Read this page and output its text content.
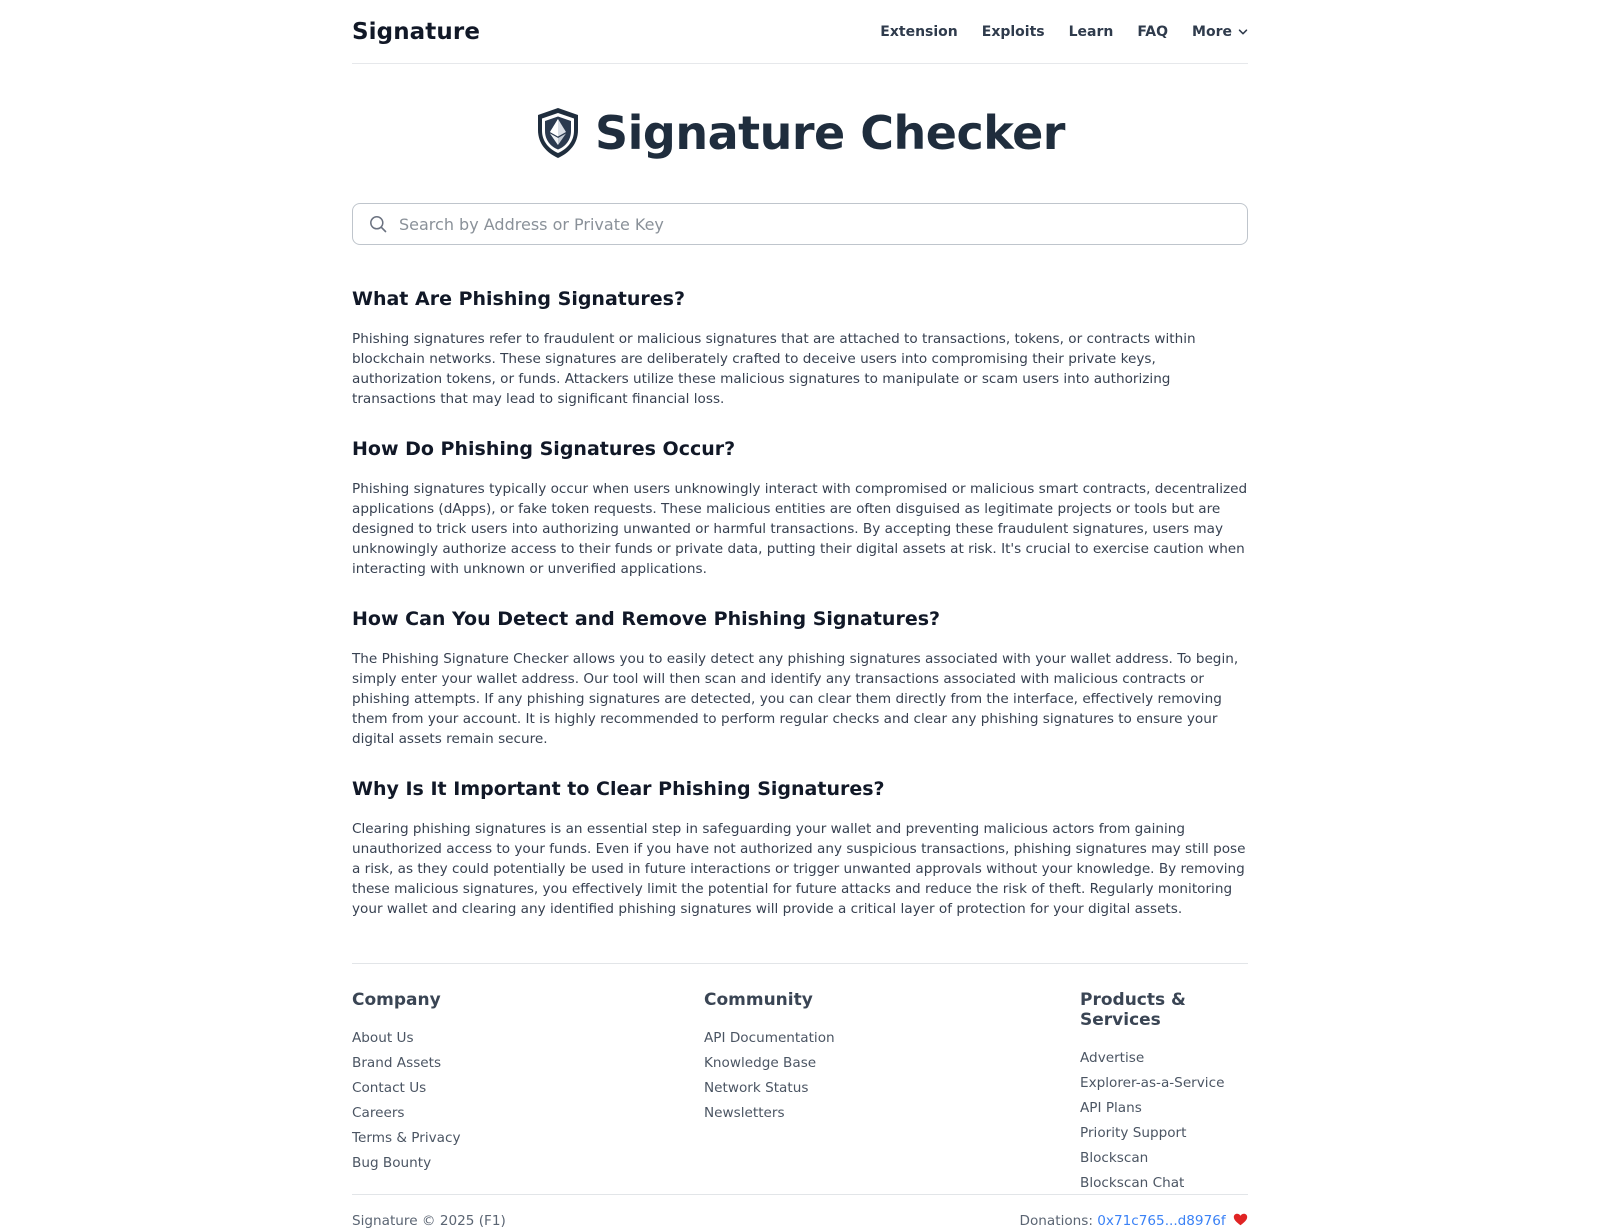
Signature	Extension Exploits Learn FAQ More
Signature Checker
Search by Address or Private Key
What Are Phishing Signatures?

Phishing signatures refer to fraudulent or malicious signatures that are attached to transactions, tokens, or contracts within blockchain networks. These signatures are deliberately crafted to deceive users into compromising their private keys, authorization tokens, or funds. Attackers utilize these malicious signatures to manipulate or scam users into authorizing transactions that may lead to significant financial loss.

How Do Phishing Signatures Occur?

Phishing signatures typically occur when users unknowingly interact with compromised or malicious smart contracts, decentralized applications (dApps), or fake token requests. These malicious entities are often disguised as legitimate projects or tools but are designed to trick users into authorizing unwanted or harmful transactions. By accepting these fraudulent signatures, users may unknowingly authorize access to their funds or private data, putting their digital assets at risk. It's crucial to exercise caution when interacting with unknown or unverified applications.

How Can You Detect and Remove Phishing Signatures?

The Phishing Signature Checker allows you to easily detect any phishing signatures associated with your wallet address. To begin, simply enter your wallet address. Our tool will then scan and identify any transactions associated with malicious contracts or phishing attempts. If any phishing signatures are detected, you can clear them directly from the interface, effectively removing them from your account. It is highly recommended to perform regular checks and clear any phishing signatures to ensure your digital assets remain secure.

Why Is It Important to Clear Phishing Signatures?

Clearing phishing signatures is an essential step in safeguarding your wallet and preventing malicious actors from gaining unauthorized access to your funds. Even if you have not authorized any suspicious transactions, phishing signatures may still pose a risk, as they could potentially be used in future interactions or trigger unwanted approvals without your knowledge. By removing these malicious signatures, you effectively limit the potential for future attacks and reduce the risk of theft. Regularly monitoring your wallet and clearing any identified phishing signatures will provide a critical layer of protection for your digital assets.

Company
About Us
Brand Assets
Contact Us
Careers
Terms & Privacy
Bug Bounty
Community
API Documentation
Knowledge Base
Network Status
Newsletters
Products & Services
Advertise
Explorer-as-a-Service
API Plans
Priority Support
Blockscan
Blockscan Chat
Signature © 2025 (F1)	Donations: 0x71c765...d8976f
